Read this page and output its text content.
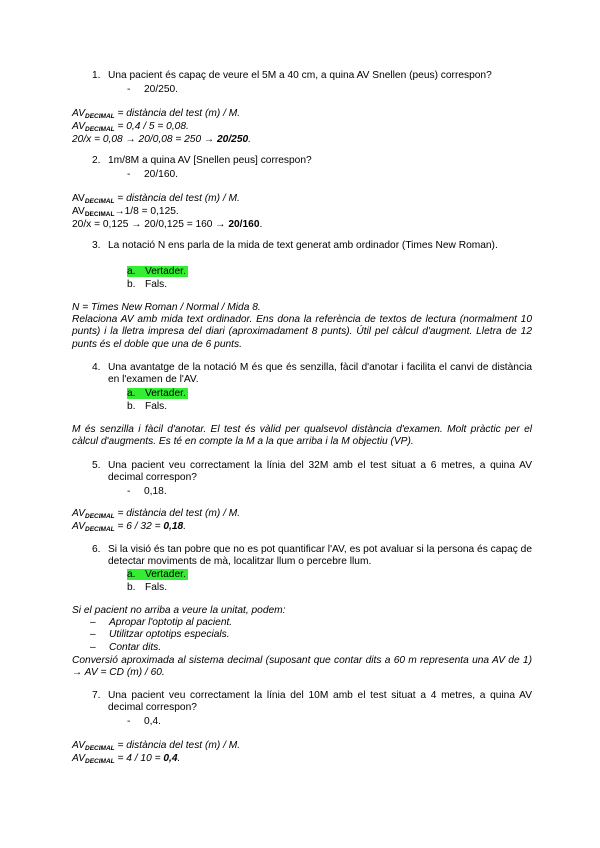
1. Una pacient és capaç de veure el 5M a 40 cm, a quina AV Snellen (peus) correspon?
- 20/250.
AVDECIMAL = distància del test (m) / M.
AVDECIMAL = 0,4 / 5 = 0,08.
20/x = 0,08 → 20/0,08 = 250 → 20/250.
2. 1m/8M a quina AV [Snellen peus] correspon?
- 20/160.
AVDECIMAL = distància del test (m) / M.
AVDECIMAL→1/8 = 0,125.
20/x = 0,125 → 20/0,125 = 160 → 20/160.
3. La notació N ens parla de la mida de text generat amb ordinador (Times New Roman).
a. Vertader.
b. Fals.
N = Times New Roman / Normal / Mida 8.
Relaciona AV amb mida text ordinador. Ens dona la referència de textos de lectura (normalment 10 punts) i la lletra impresa del diari (aproximadament 8 punts). Útil pel càlcul d'augment. Lletra de 12 punts és el doble que una de 6 punts.
4. Una avantatge de la notació M és que és senzilla, fàcil d'anotar i facilita el canvi de distància en l'examen de l'AV.
a. Vertader.
b. Fals.
M és senzilla i fàcil d'anotar. El test és vàlid per qualsevol distància d'examen. Molt pràctic per el càlcul d'augments. Es té en compte la M a la que arriba i la M objectiu (VP).
5. Una pacient veu correctament la línia del 32M amb el test situat a 6 metres, a quina AV decimal correspon?
- 0,18.
AVDECIMAL = distància del test (m) / M.
AVDECIMAL = 6 / 32 = 0,18.
6. Si la visió és tan pobre que no es pot quantificar l'AV, es pot avaluar si la persona és capaç de detectar moviments de mà, localitzar llum o percebre llum.
a. Vertader.
b. Fals.
Si el pacient no arriba a veure la unitat, podem:
– Apropar l'optotip al pacient.
– Utilitzar optotips especials.
– Contar dits.
Conversió aproximada al sistema decimal (suposant que contar dits a 60 m representa una AV de 1) → AV = CD (m) / 60.
7. Una pacient veu correctament la línia del 10M amb el test situat a 4 metres, a quina AV decimal correspon?
- 0,4.
AVDECIMAL = distància del test (m) / M.
AVDECIMAL = 4 / 10 = 0,4.
